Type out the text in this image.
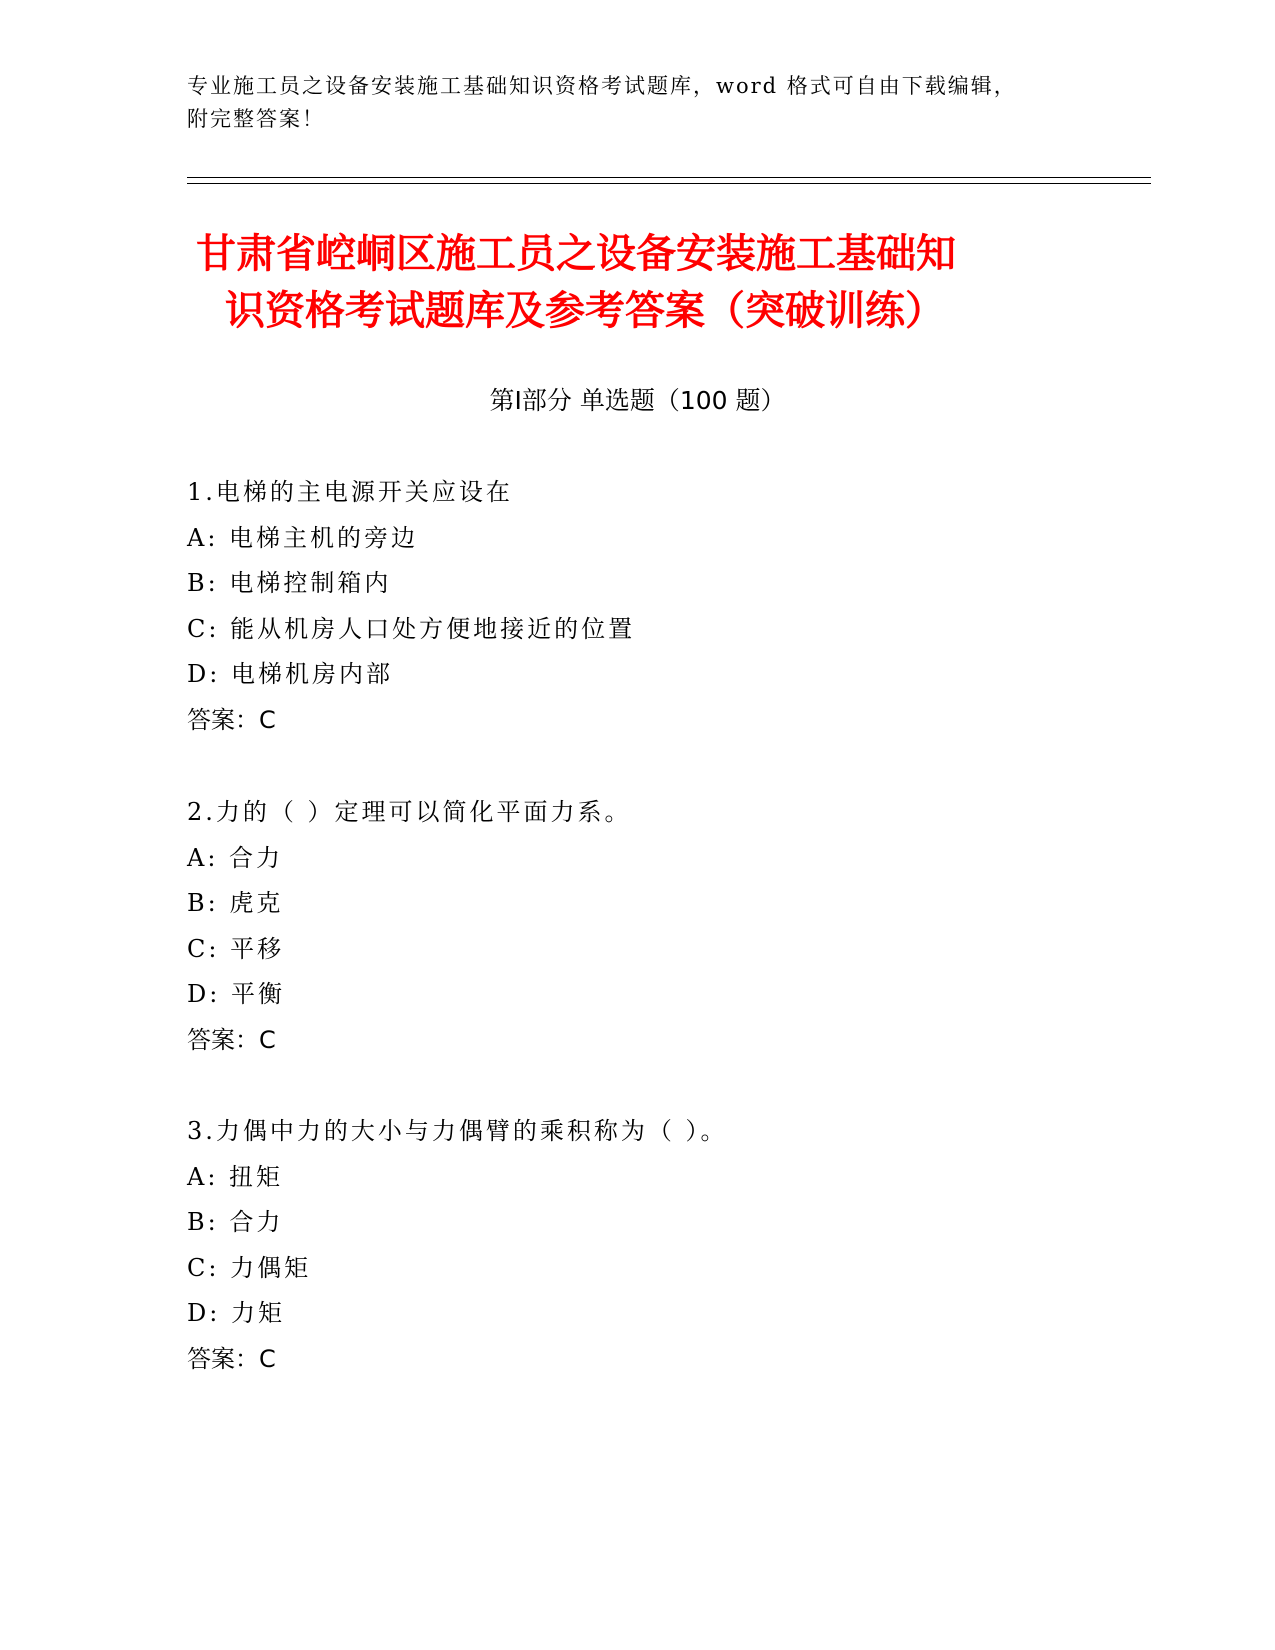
专业施工员之设备安装施工基础知识资格考试题库，word 格式可自由下载编辑，
附完整答案！
甘肃省崆峒区施工员之设备安装施工基础知
识资格考试题库及参考答案（突破训练）
第Ⅰ部分 单选题（100 题）
1.电梯的主电源开关应设在
A: 电梯主机的旁边
B: 电梯控制箱内
C: 能从机房人口处方便地接近的位置
D: 电梯机房内部
答案：C
2.力的（ ）定理可以简化平面力系。
A: 合力
B: 虎克
C: 平移
D: 平衡
答案：C
3.力偶中力的大小与力偶臂的乘积称为（ ）。
A: 扭矩
B: 合力
C: 力偶矩
D: 力矩
答案：C
